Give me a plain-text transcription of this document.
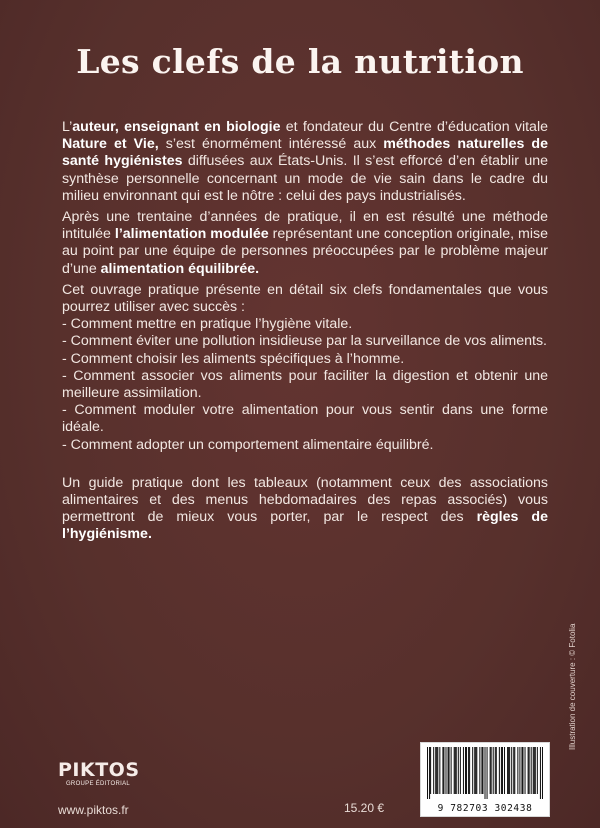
Les clefs de la nutrition

L’auteur, enseignant en biologie et fondateur du Centre d’éducation vitale Nature et Vie, s’est énormément intéressé aux méthodes naturelles de santé hygiénistes diffusées aux États-Unis. Il s’est efforcé d’en établir une synthèse personnelle concernant un mode de vie sain dans le cadre du milieu environnant qui est le nôtre : celui des pays industrialisés.

Après une trentaine d’années de pratique, il en est résulté une méthode intitulée l’alimentation modulée représentant une conception originale, mise au point par une équipe de personnes préoccupées par le problème majeur d’une alimentation équilibrée.

Cet ouvrage pratique présente en détail six clefs fondamentales que vous pourrez utiliser avec succès :

- Comment mettre en pratique l’hygiène vitale.
- Comment éviter une pollution insidieuse par la surveillance de vos aliments.
- Comment choisir les aliments spécifiques à l’homme.
- Comment associer vos aliments pour faciliter la digestion et obtenir une meilleure assimilation.
- Comment moduler votre alimentation pour vous sentir dans une forme idéale.
- Comment adopter un comportement alimentaire équilibré.

Un guide pratique dont les tableaux (notamment ceux des associations alimentaires et des menus hebdomadaires des repas associés) vous permettront de mieux vous porter, par le respect des règles de l’hygiénisme.

PIKTOS
GROUPE ÉDITORIAL
www.piktos.fr	15.20 €
Illustration de couverture : © Fotolia
9 782703 302438
